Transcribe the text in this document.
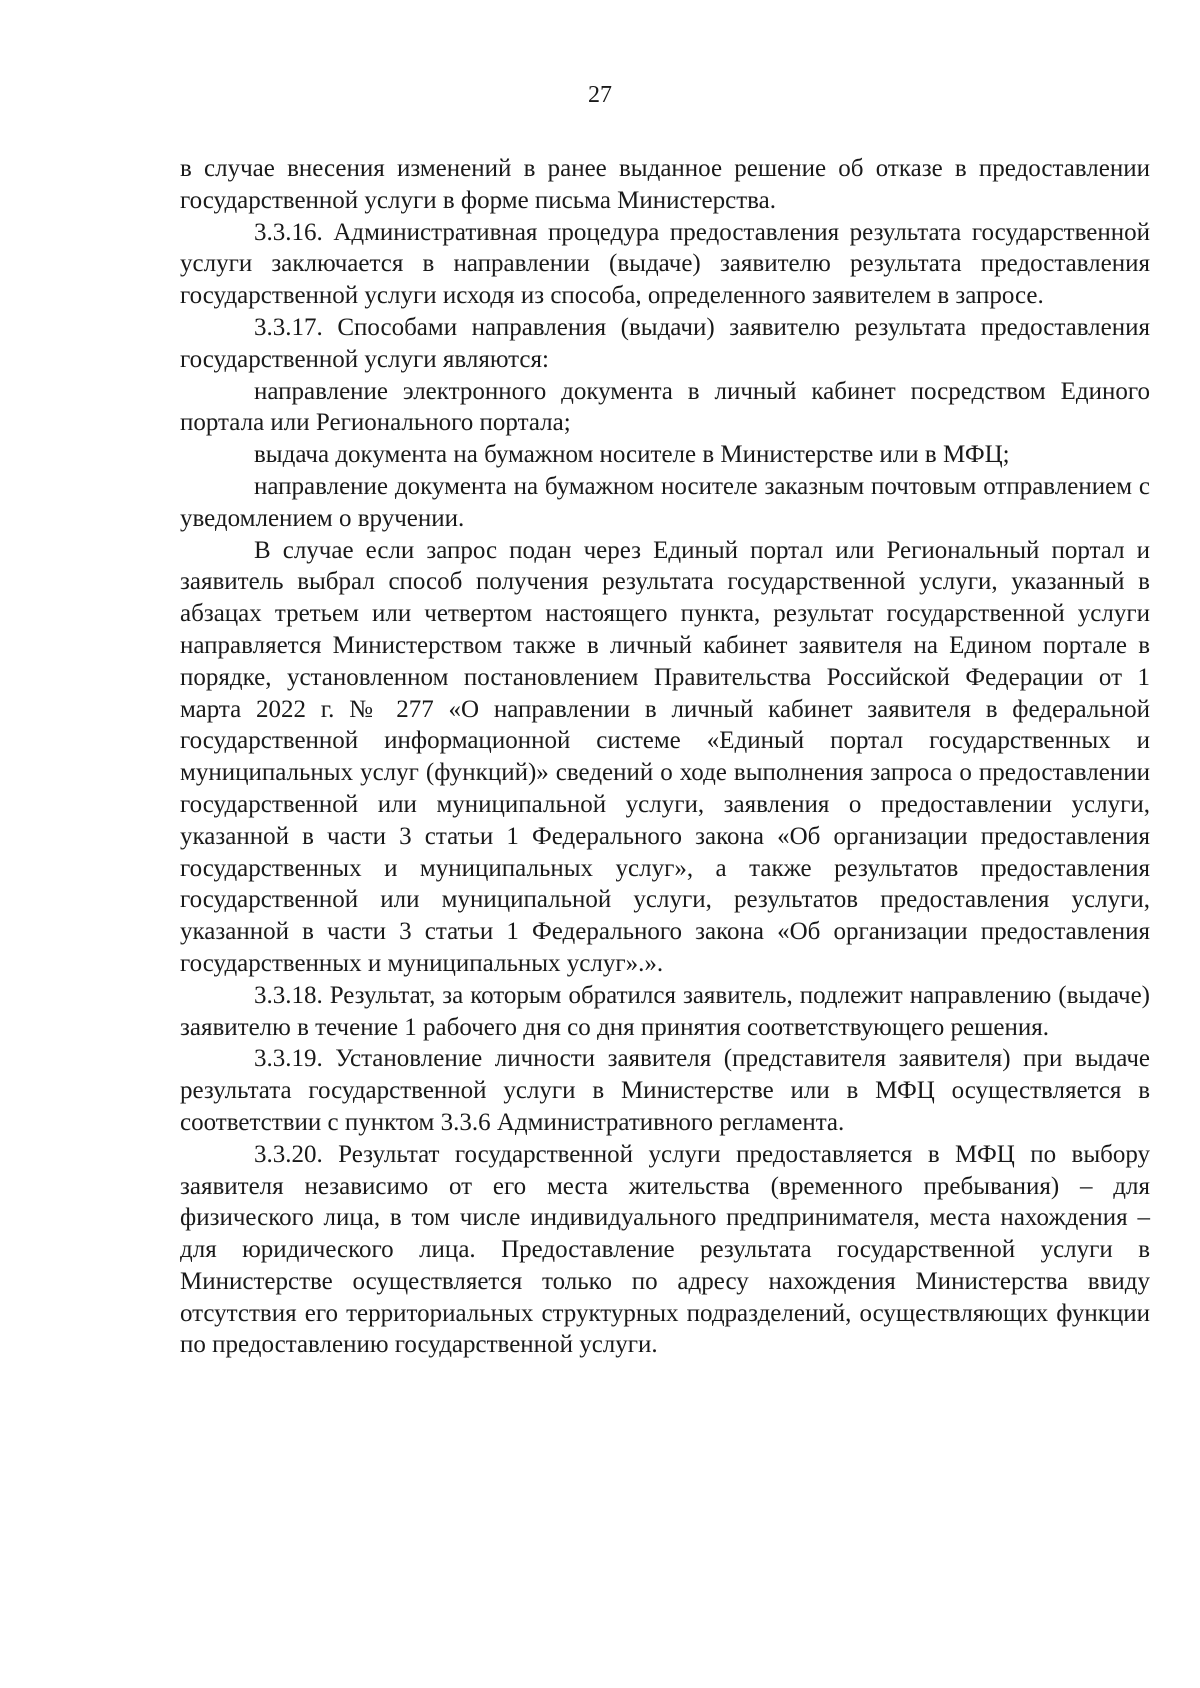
27

в случае внесения изменений в ранее выданное решение об отказе в предоставлении государственной услуги в форме письма Министерства.

3.3.16. Административная процедура предоставления результата государственной услуги заключается в направлении (выдаче) заявителю результата предоставления государственной услуги исходя из способа, определенного заявителем в запросе.

3.3.17. Способами направления (выдачи) заявителю результата предоставления государственной услуги являются:

направление электронного документа в личный кабинет посредством Единого портала или Регионального портала;

выдача документа на бумажном носителе в Министерстве или в МФЦ;

направление документа на бумажном носителе заказным почтовым отправлением с уведомлением о вручении.

В случае если запрос подан через Единый портал или Региональный портал и заявитель выбрал способ получения результата государственной услуги, указанный в абзацах третьем или четвертом настоящего пункта, результат государственной услуги направляется Министерством также в личный кабинет заявителя на Едином портале в порядке, установленном постановлением Правительства Российской Федерации от 1 марта 2022 г. № 277 «О направлении в личный кабинет заявителя в федеральной государственной информационной системе «Единый портал государственных и муниципальных услуг (функций)» сведений о ходе выполнения запроса о предоставлении государственной или муниципальной услуги, заявления о предоставлении услуги, указанной в части 3 статьи 1 Федерального закона «Об организации предоставления государственных и муниципальных услуг», а также результатов предоставления государственной или муниципальной услуги, результатов предоставления услуги, указанной в части 3 статьи 1 Федерального закона «Об организации предоставления государственных и муниципальных услуг».».

3.3.18. Результат, за которым обратился заявитель, подлежит направлению (выдаче) заявителю в течение 1 рабочего дня со дня принятия соответствующего решения.

3.3.19. Установление личности заявителя (представителя заявителя) при выдаче результата государственной услуги в Министерстве или в МФЦ осуществляется в соответствии с пунктом 3.3.6 Административного регламента.

3.3.20. Результат государственной услуги предоставляется в МФЦ по выбору заявителя независимо от его места жительства (временного пребывания) – для физического лица, в том числе индивидуального предпринимателя, места нахождения – для юридического лица. Предоставление результата государственной услуги в Министерстве осуществляется только по адресу нахождения Министерства ввиду отсутствия его территориальных структурных подразделений, осуществляющих функции по предоставлению государственной услуги.
